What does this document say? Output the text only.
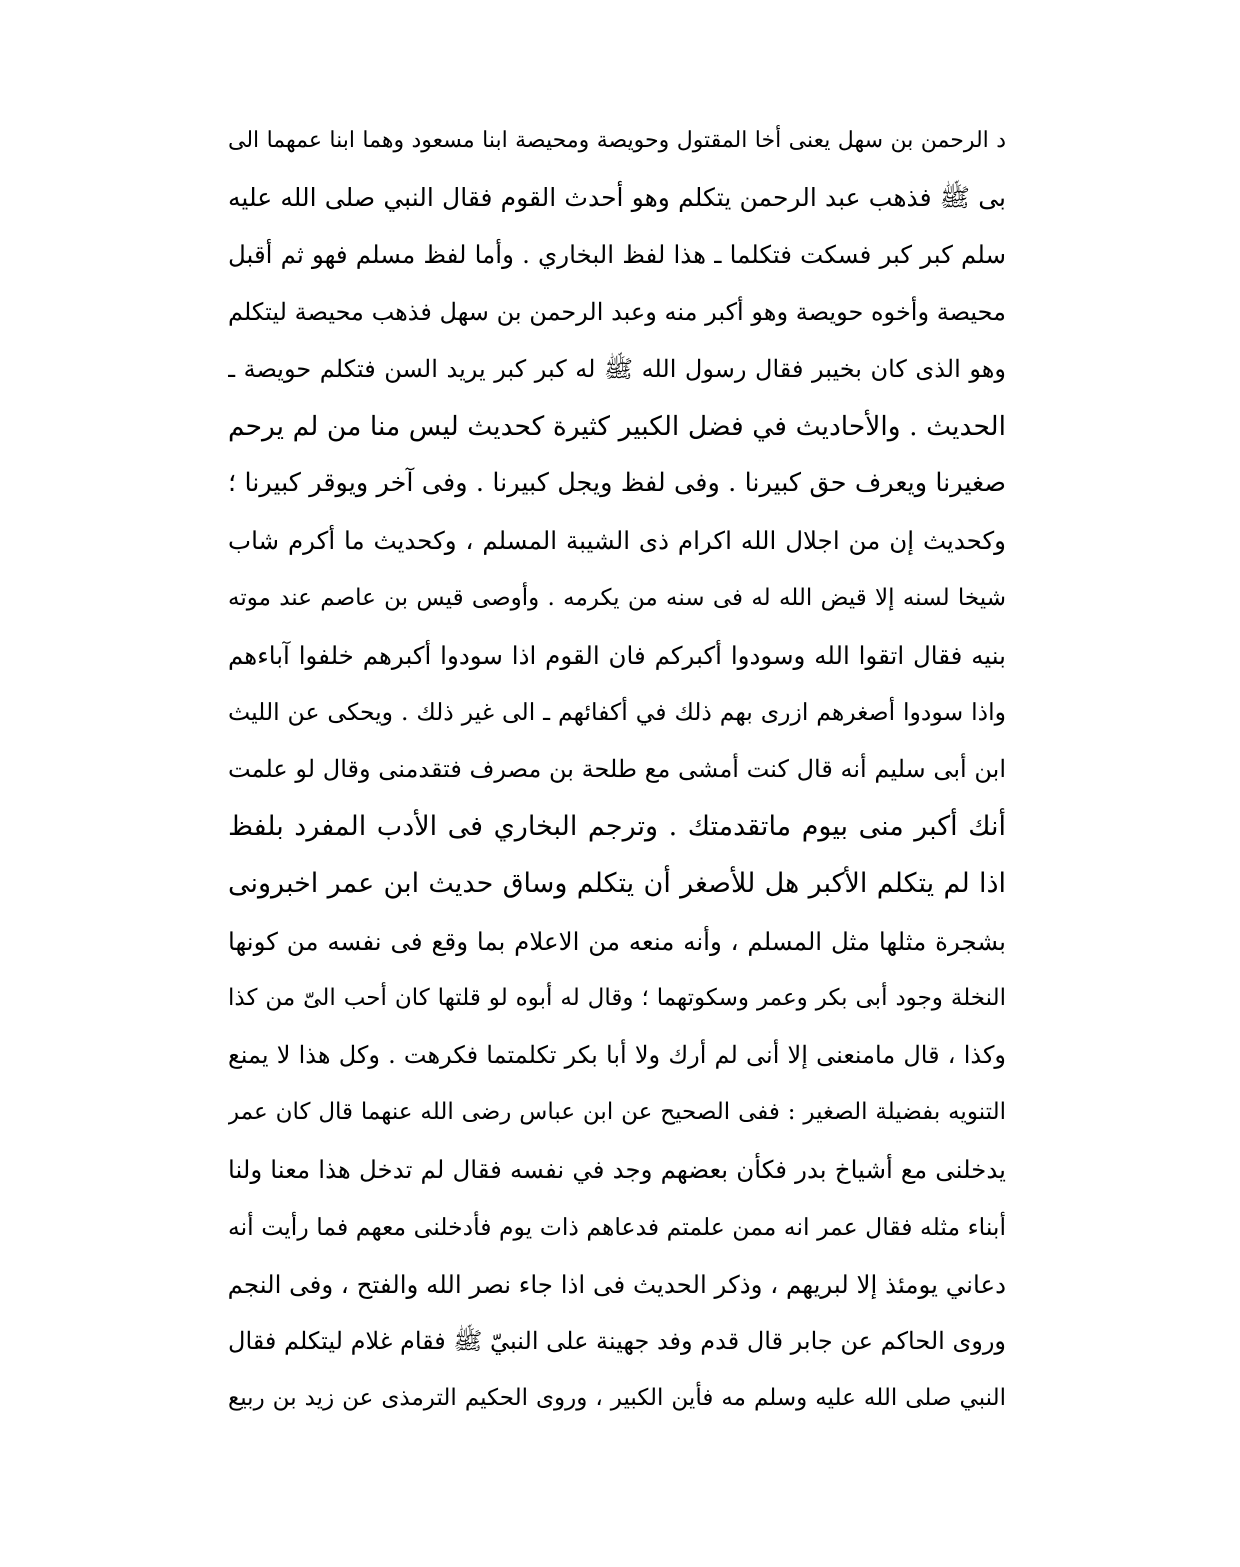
د الرحمن بن سهل يعنى أخا المقتول وحويصة ومحيصة ابنا مسعود وهما ابنا عمهما الى
بى ﷺ فذهب عبد الرحمن يتكلم وهو أحدث القوم فقال النبي صلى الله عليه
سلم كبر كبر فسكت فتكلما ـ هذا لفظ البخاري . وأما لفظ مسلم فهو ثم أقبل
محيصة وأخوه حويصة وهو أكبر منه وعبد الرحمن بن سهل فذهب محيصة ليتكلم
وهو الذى كان بخيبر فقال رسول الله ﷺ له كبر كبر يريد السن فتكلم حويصة ـ
الحديث . والأحاديث في فضل الكبير كثيرة كحديث ليس منا من لم يرحم
صغيرنا ويعرف حق كبيرنا . وفى لفظ ويجل كبيرنا . وفى آخر ويوقر كبيرنا ؛
وكحديث إن من اجلال الله اكرام ذى الشيبة المسلم ، وكحديث ما أكرم شاب
شيخا لسنه إلا قيض الله له فى سنه من يكرمه . وأوصى قيس بن عاصم عند موته
بنيه فقال اتقوا الله وسودوا أكبركم فان القوم اذا سودوا أكبرهم خلفوا آباءهم
واذا سودوا أصغرهم ازرى بهم ذلك في أكفائهم ـ الى غير ذلك . ويحكى عن الليث
ابن أبى سليم أنه قال كنت أمشى مع طلحة بن مصرف فتقدمنى وقال لو علمت
أنك أكبر منى بيوم ماتقدمتك . وترجم البخاري فى الأدب المفرد بلفظ
اذا لم يتكلم الأكبر هل للأصغر أن يتكلم وساق حديث ابن عمر اخبرونى
بشجرة مثلها مثل المسلم ، وأنه منعه من الاعلام بما وقع فى نفسه من كونها
النخلة وجود أبى بكر وعمر وسكوتهما ؛ وقال له أبوه لو قلتها كان أحب الىّ من كذا
وكذا ، قال مامنعنى إلا أنى لم أرك ولا أبا بكر تكلمتما فكرهت . وكل هذا لا يمنع
التنويه بفضيلة الصغير : ففى الصحيح عن ابن عباس رضى الله عنهما قال كان عمر
يدخلنى مع أشياخ بدر فكأن بعضهم وجد في نفسه فقال لم تدخل هذا معنا ولنا
أبناء مثله فقال عمر انه ممن علمتم فدعاهم ذات يوم فأدخلنى معهم فما رأيت أنه
دعاني يومئذ إلا لبريهم ، وذكر الحديث فى اذا جاء نصر الله والفتح ، وفى النجم
وروى الحاكم عن جابر قال قدم وفد جهينة على النبيّ ﷺ فقام غلام ليتكلم فقال
النبي صلى الله عليه وسلم مه فأين الكبير ، وروى الحكيم الترمذى عن زيد بن ربيع
